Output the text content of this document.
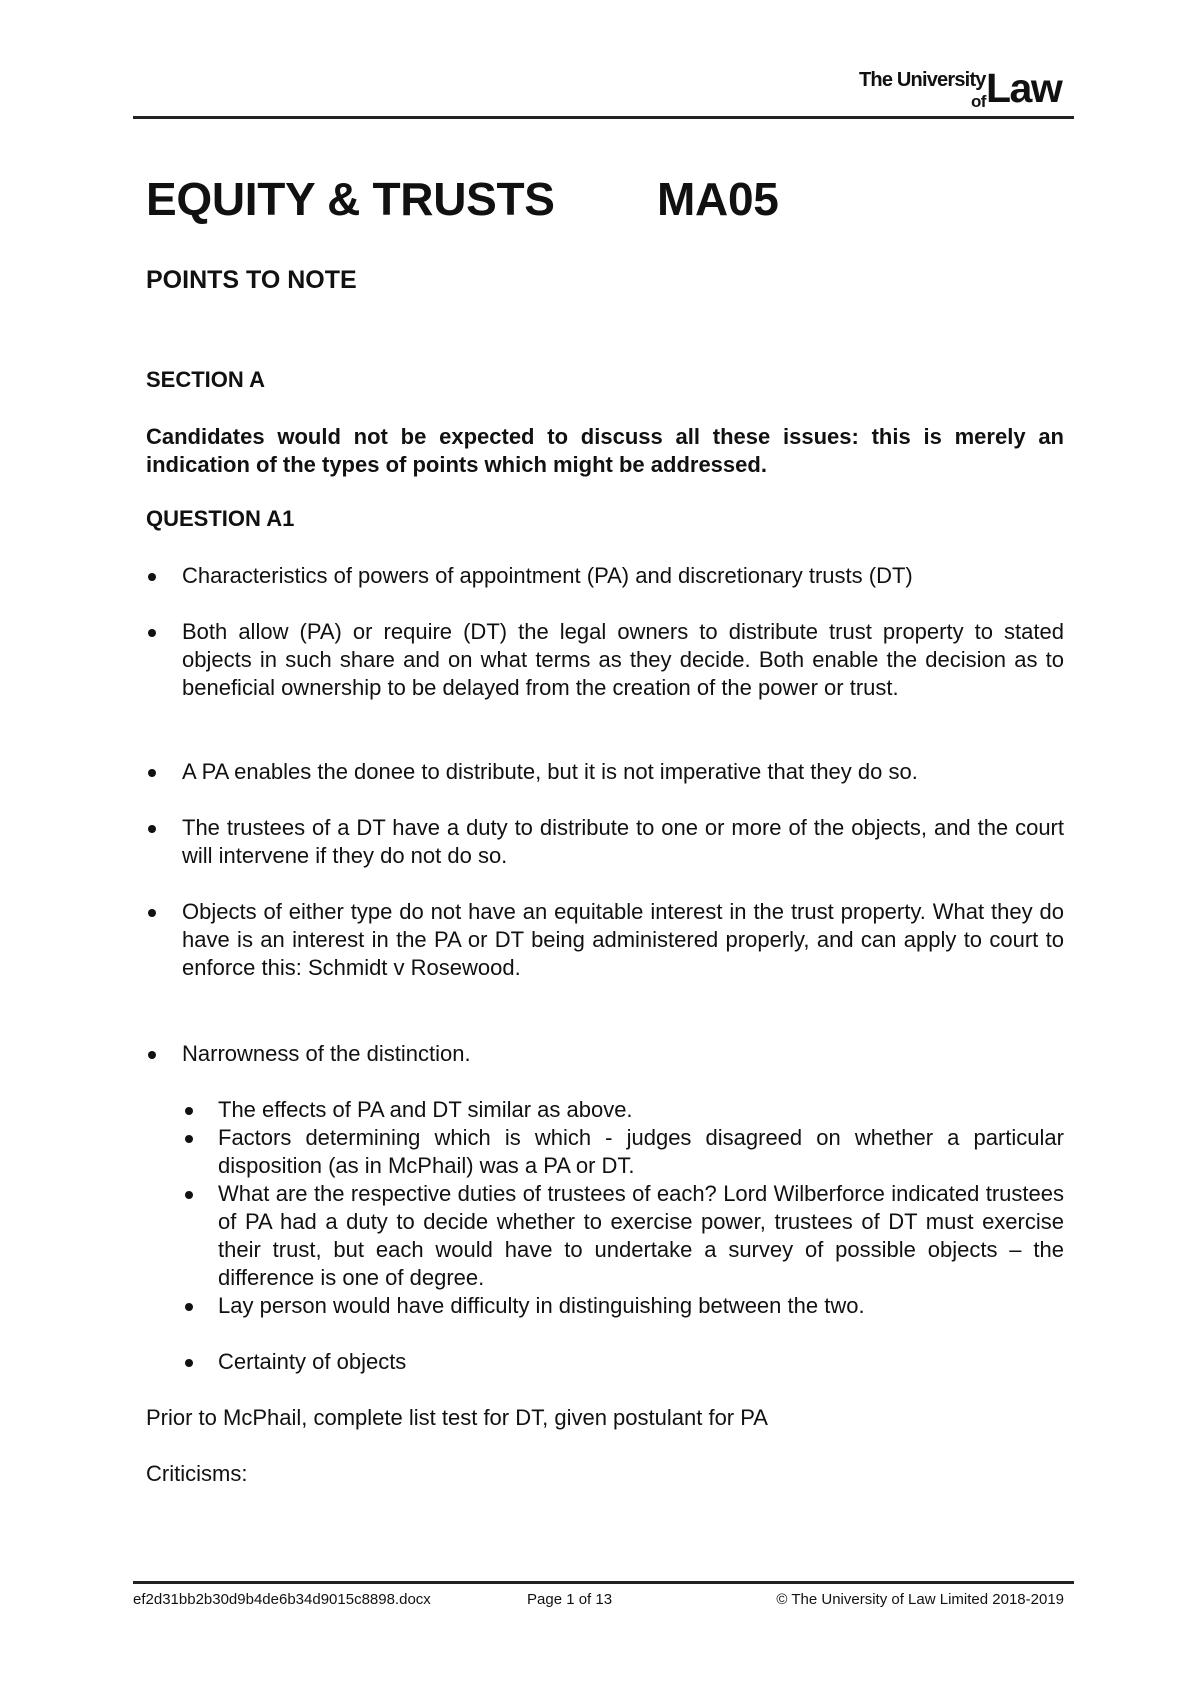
The University
of Law
EQUITY & TRUSTS MA05
POINTS TO NOTE
SECTION A
Candidates would not be expected to discuss all these issues: this is merely an indication of the types of points which might be addressed.
QUESTION A1
Characteristics of powers of appointment (PA) and discretionary trusts (DT)
Both allow (PA) or require (DT) the legal owners to distribute trust property to stated objects in such share and on what terms as they decide. Both enable the decision as to beneficial ownership to be delayed from the creation of the power or trust.
A PA enables the donee to distribute, but it is not imperative that they do so.
The trustees of a DT have a duty to distribute to one or more of the objects, and the court will intervene if they do not do so.
Objects of either type do not have an equitable interest in the trust property. What they do have is an interest in the PA or DT being administered properly, and can apply to court to enforce this: Schmidt v Rosewood.
Narrowness of the distinction.
The effects of PA and DT similar as above.
Factors determining which is which - judges disagreed on whether a particular disposition (as in McPhail) was a PA or DT.
What are the respective duties of trustees of each? Lord Wilberforce indicated trustees of PA had a duty to decide whether to exercise power, trustees of DT must exercise their trust, but each would have to undertake a survey of possible objects – the difference is one of degree.
Lay person would have difficulty in distinguishing between the two.
Certainty of objects
Prior to McPhail, complete list test for DT, given postulant for PA
Criticisms:
ef2d31bb2b30d9b4de6b34d9015c8898.docx	Page 1 of 13	© The University of Law Limited 2018-2019
